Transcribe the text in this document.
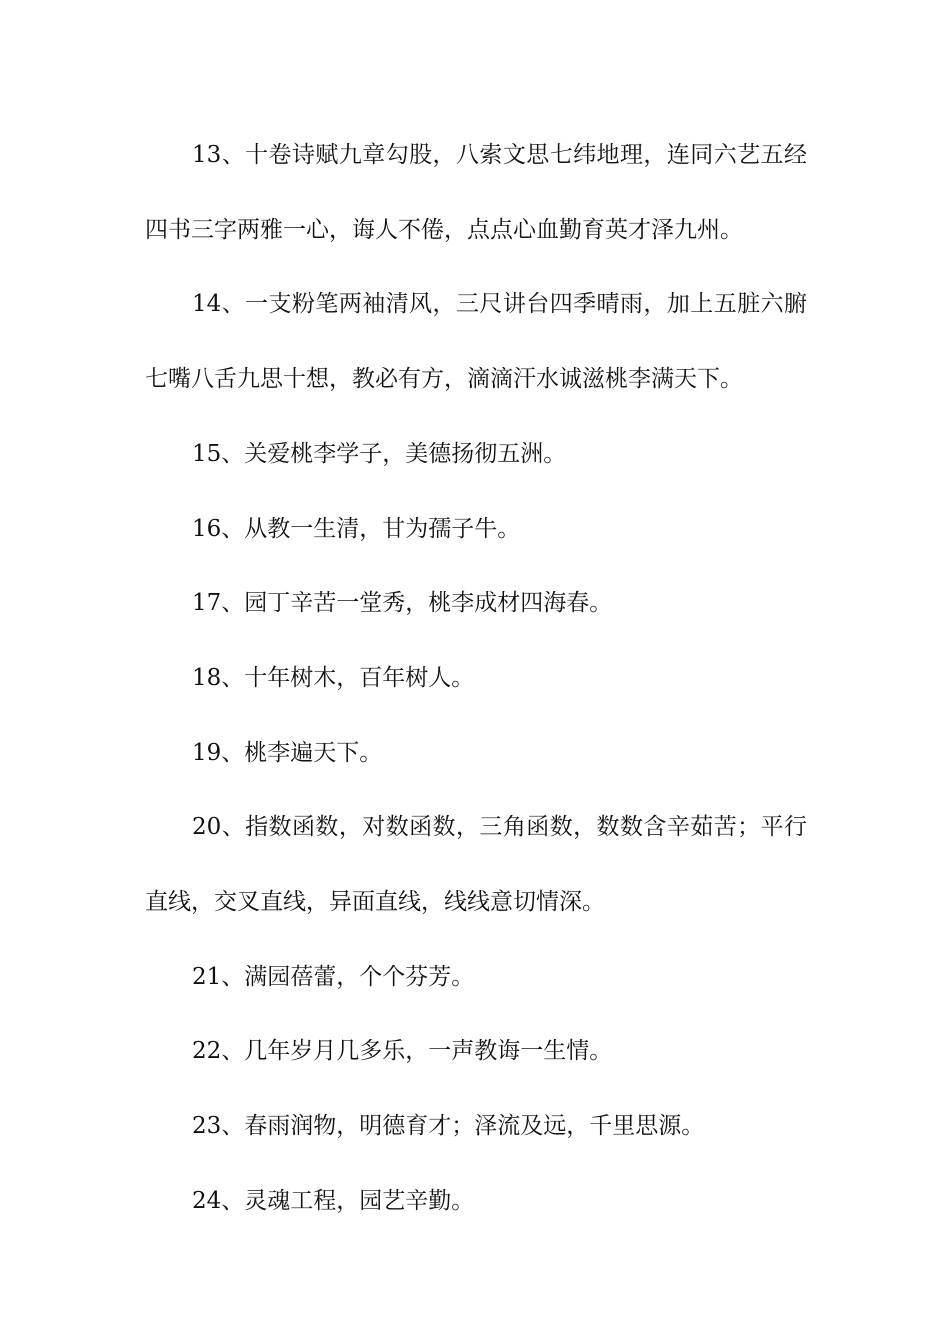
13、十卷诗赋九章勾股，八索文思七纬地理，连同六艺五经四书三字两雅一心，诲人不倦，点点心血勤育英才泽九州。

14、一支粉笔两袖清风，三尺讲台四季晴雨，加上五脏六腑七嘴八舌九思十想，教必有方，滴滴汗水诚滋桃李满天下。

15、关爱桃李学子，美德扬彻五洲。

16、从教一生清，甘为孺子牛。

17、园丁辛苦一堂秀，桃李成材四海春。

18、十年树木，百年树人。

19、桃李遍天下。

20、指数函数，对数函数，三角函数，数数含辛茹苦；平行直线，交叉直线，异面直线，线线意切情深。

21、满园蓓蕾，个个芬芳。

22、几年岁月几多乐，一声教诲一生情。

23、春雨润物，明德育才；泽流及远，千里思源。

24、灵魂工程，园艺辛勤。
